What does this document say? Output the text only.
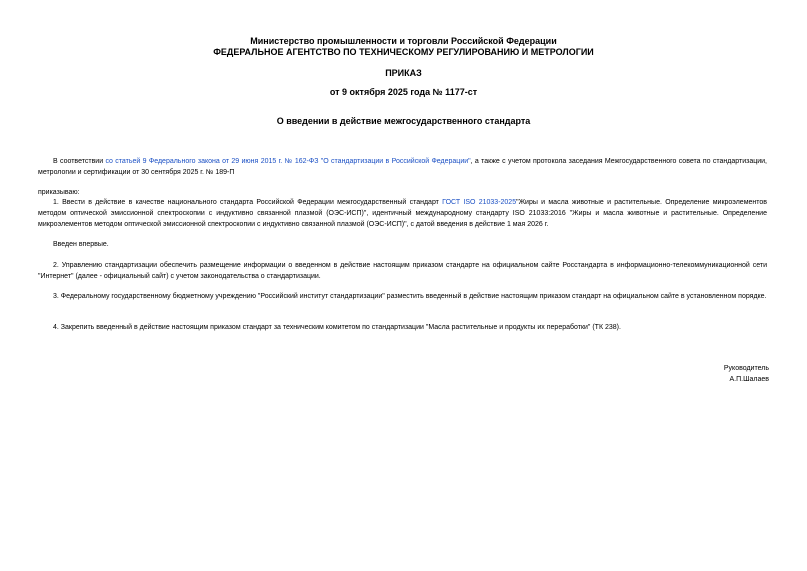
Министерство промышленности и торговли Российской Федерации
ФЕДЕРАЛЬНОЕ АГЕНТСТВО ПО ТЕХНИЧЕСКОМУ РЕГУЛИРОВАНИЮ И МЕТРОЛОГИИ
ПРИКАЗ
от 9 октября 2025 года № 1177-ст
О введении в действие межгосударственного стандарта
В соответствии со статьей 9 Федерального закона от 29 июня 2015 г. № 162-ФЗ "О стандартизации в Российской Федерации", а также с учетом протокола заседания Межгосударственного совета по стандартизации, метрологии и сертификации от 30 сентября 2025 г. № 189-П
приказываю:
1. Ввести в действие в качестве национального стандарта Российской Федерации межгосударственный стандарт ГОСТ ISO 21033-2025"Жиры и масла животные и растительные. Определение микроэлементов методом оптической эмиссионной спектроскопии с индуктивно связанной плазмой (ОЭС-ИСП)", идентичный международному стандарту ISO 21033:2016 "Жиры и масла животные и растительные. Определение микроэлементов методом оптической эмиссионной спектроскопии с индуктивно связанной плазмой (ОЭС-ИСП)", с датой введения в действие 1 мая 2026 г.
Введен впервые.
2. Управлению стандартизации обеспечить размещение информации о введенном в действие настоящим приказом стандарте на официальном сайте Росстандарта в информационно-телекоммуникационной сети "Интернет" (далее - официальный сайт) с учетом законодательства о стандартизации.
3. Федеральному государственному бюджетному учреждению "Российский институт стандартизации" разместить введенный в действие настоящим приказом стандарт на официальном сайте в установленном порядке.
4. Закрепить введенный в действие настоящим приказом стандарт за техническим комитетом по стандартизации "Масла растительные и продукты их переработки" (ТК 238).
Руководитель
А.П.Шалаев
